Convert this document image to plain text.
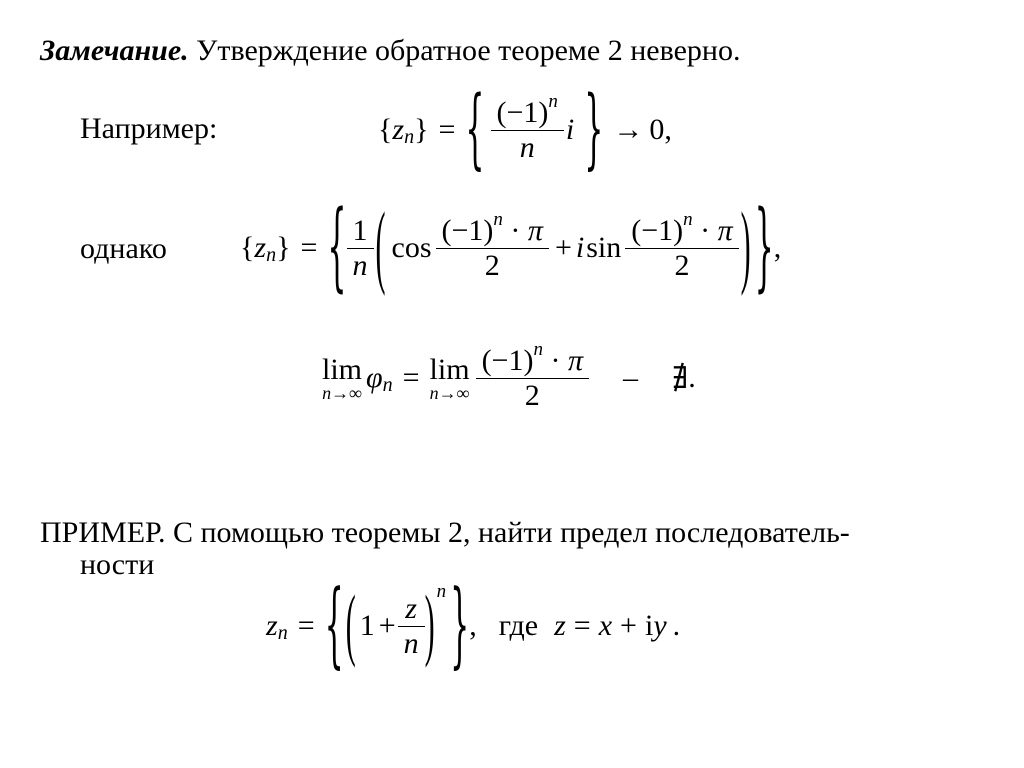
Замечание. Утверждение обратное теореме 2 неверно.
Например:	{ z n } = { $\frac{(-1)^n}{n}$ i } → 0 ,
однако { z n } = { $\frac{1}{n}$ ( $\cos \frac{(-1)^n \cdot \pi}{2} + i$ $\sin \frac{(-1)^n \cdot \pi}{2}$ ) } ,
lim
n→∞ φ n = lim
$n\to\infty \frac{(-1)^n \cdot \pi}{2}$ – ∄ .
ПРИМЕР. С помощью теоремы 2, найти предел последователь-
ности
z n = { ( $1 + \frac{z}{n}$ ) n } , где z = x + i y .
